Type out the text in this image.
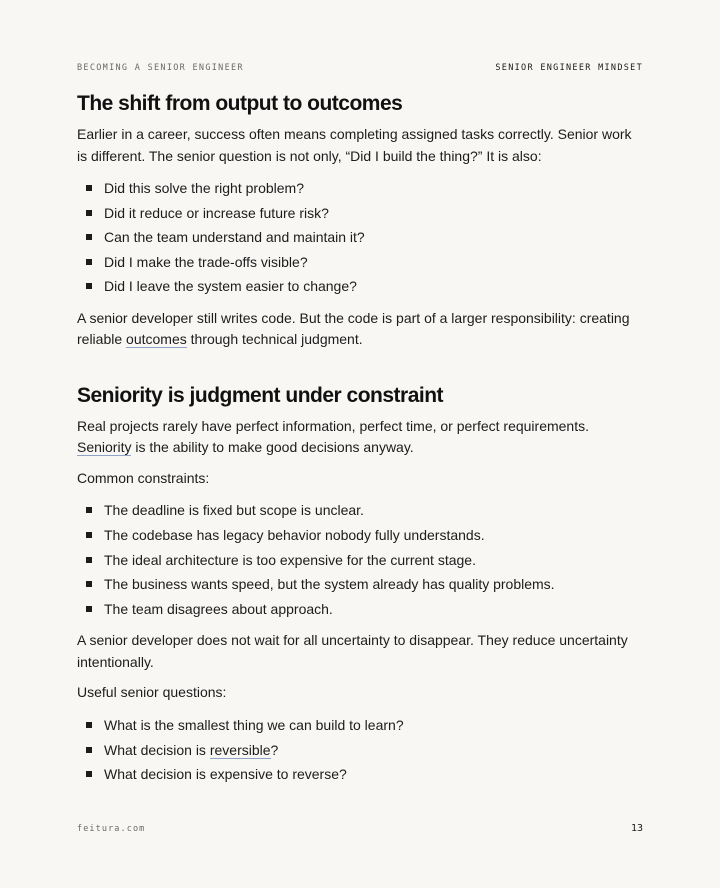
BECOMING A SENIOR ENGINEER	SENIOR ENGINEER MINDSET
The shift from output to outcomes

Earlier in a career, success often means completing assigned tasks correctly. Senior work is different. The senior question is not only, “Did I build the thing?” It is also:

Did this solve the right problem?
Did it reduce or increase future risk?
Can the team understand and maintain it?
Did I make the trade-offs visible?
Did I leave the system easier to change?

A senior developer still writes code. But the code is part of a larger responsibility: creating reliable outcomes through technical judgment.

Seniority is judgment under constraint

Real projects rarely have perfect information, perfect time, or perfect requirements. Seniority is the ability to make good decisions anyway.

Common constraints:

The deadline is fixed but scope is unclear.
The codebase has legacy behavior nobody fully understands.
The ideal architecture is too expensive for the current stage.
The business wants speed, but the system already has quality problems.
The team disagrees about approach.

A senior developer does not wait for all uncertainty to disappear. They reduce uncertainty intentionally.

Useful senior questions:

What is the smallest thing we can build to learn?
What decision is reversible?
What decision is expensive to reverse?
feitura.com	13
